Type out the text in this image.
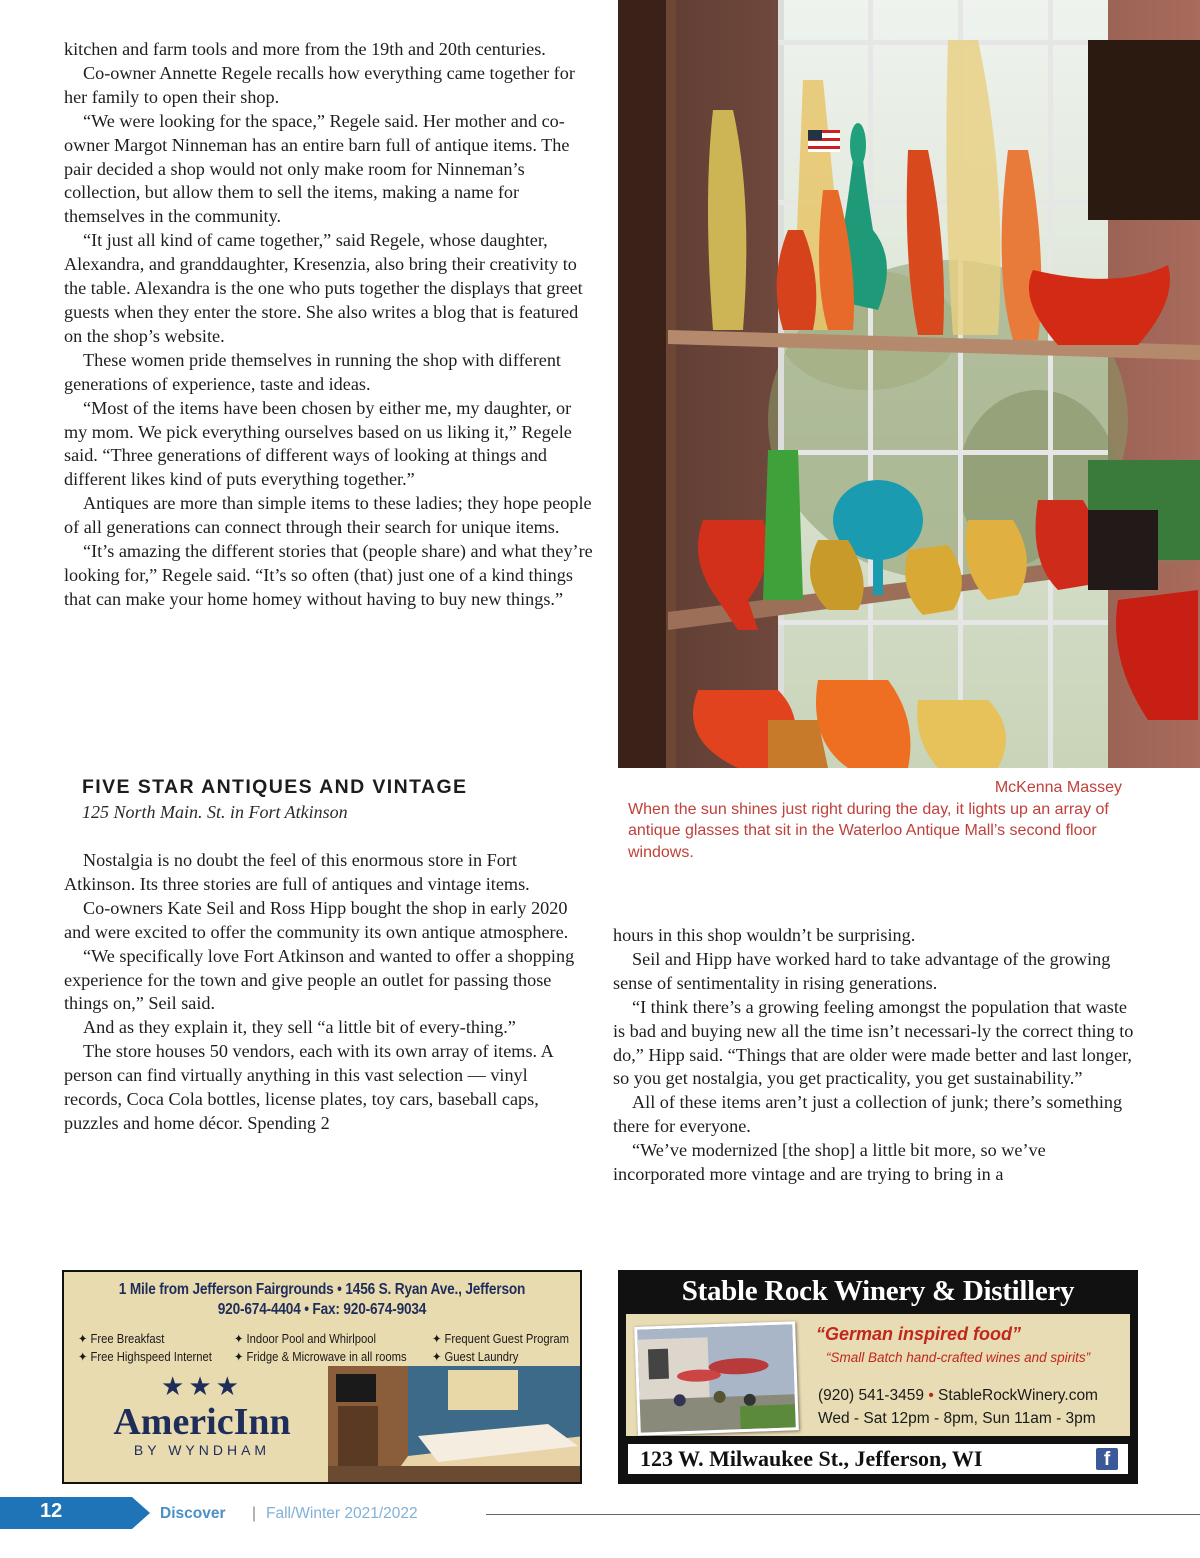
kitchen and farm tools and more from the 19th and 20th centuries.

Co-owner Annette Regele recalls how everything came together for her family to open their shop.

“We were looking for the space,” Regele said. Her mother and co-owner Margot Ninneman has an entire barn full of antique items. The pair decided a shop would not only make room for Ninneman’s collection, but allow them to sell the items, making a name for themselves in the community.

“It just all kind of came together,” said Regele, whose daughter, Alexandra, and granddaughter, Kresenzia, also bring their creativity to the table. Alexandra is the one who puts together the displays that greet guests when they enter the store. She also writes a blog that is featured on the shop’s website.

These women pride themselves in running the shop with different generations of experience, taste and ideas.

“Most of the items have been chosen by either me, my daughter, or my mom. We pick everything ourselves based on us liking it,” Regele said. “Three generations of different ways of looking at things and different likes kind of puts everything together.”

Antiques are more than simple items to these ladies; they hope people of all generations can connect through their search for unique items.

“It’s amazing the different stories that (people share) and what they’re looking for,” Regele said. “It’s so often (that) just one of a kind things that can make your home homey without having to buy new things.”

McKenna Massey
When the sun shines just right during the day, it lights up an array of antique glasses that sit in the Waterloo Antique Mall’s second floor windows.
FIVE STAR ANTIQUES AND VINTAGE
125 North Main. St. in Fort Atkinson

Nostalgia is no doubt the feel of this enormous store in Fort Atkinson. Its three stories are full of antiques and vintage items.

Co-owners Kate Seil and Ross Hipp bought the shop in early 2020 and were excited to offer the community its own antique atmosphere.

“We specifically love Fort Atkinson and wanted to offer a shopping experience for the town and give people an outlet for passing those things on,” Seil said.

And as they explain it, they sell “a little bit of every-thing.”

The store houses 50 vendors, each with its own array of items. A person can find virtually anything in this vast selection — vinyl records, Coca Cola bottles, license plates, toy cars, baseball caps, puzzles and home décor. Spending 2

hours in this shop wouldn’t be surprising.

Seil and Hipp have worked hard to take advantage of the growing sense of sentimentality in rising generations.

“I think there’s a growing feeling amongst the population that waste is bad and buying new all the time isn’t necessari-ly the correct thing to do,” Hipp said. “Things that are older were made better and last longer, so you get nostalgia, you get practicality, you get sustainability.”

All of these items aren’t just a collection of junk; there’s something there for everyone.

“We’ve modernized [the shop] a little bit more, so we’ve incorporated more vintage and are trying to bring in a

1 Mile from Jefferson Fairgrounds • 1456 S. Ryan Ave., Jefferson
920-674-4404 • Fax: 920-674-9034
✦ Free Breakfast	✦ Indoor Pool and Whirlpool	✦ Frequent Guest Program
✦ Free Highspeed Internet ✦ Fridge & Microwave in all rooms ✦ Guest Laundry
★★★
AmericInn
BY WYNDHAM
Stable Rock Winery & Distillery
“German inspired food”
“Small Batch hand-crafted wines and spirits”
(920) 541-3459 • StableRockWinery.com
Wed - Sat 12pm - 8pm, Sun 11am - 3pm
123 W. Milwaukee St., Jefferson, WI	f
12	Discover | Fall/Winter 2021/2022
